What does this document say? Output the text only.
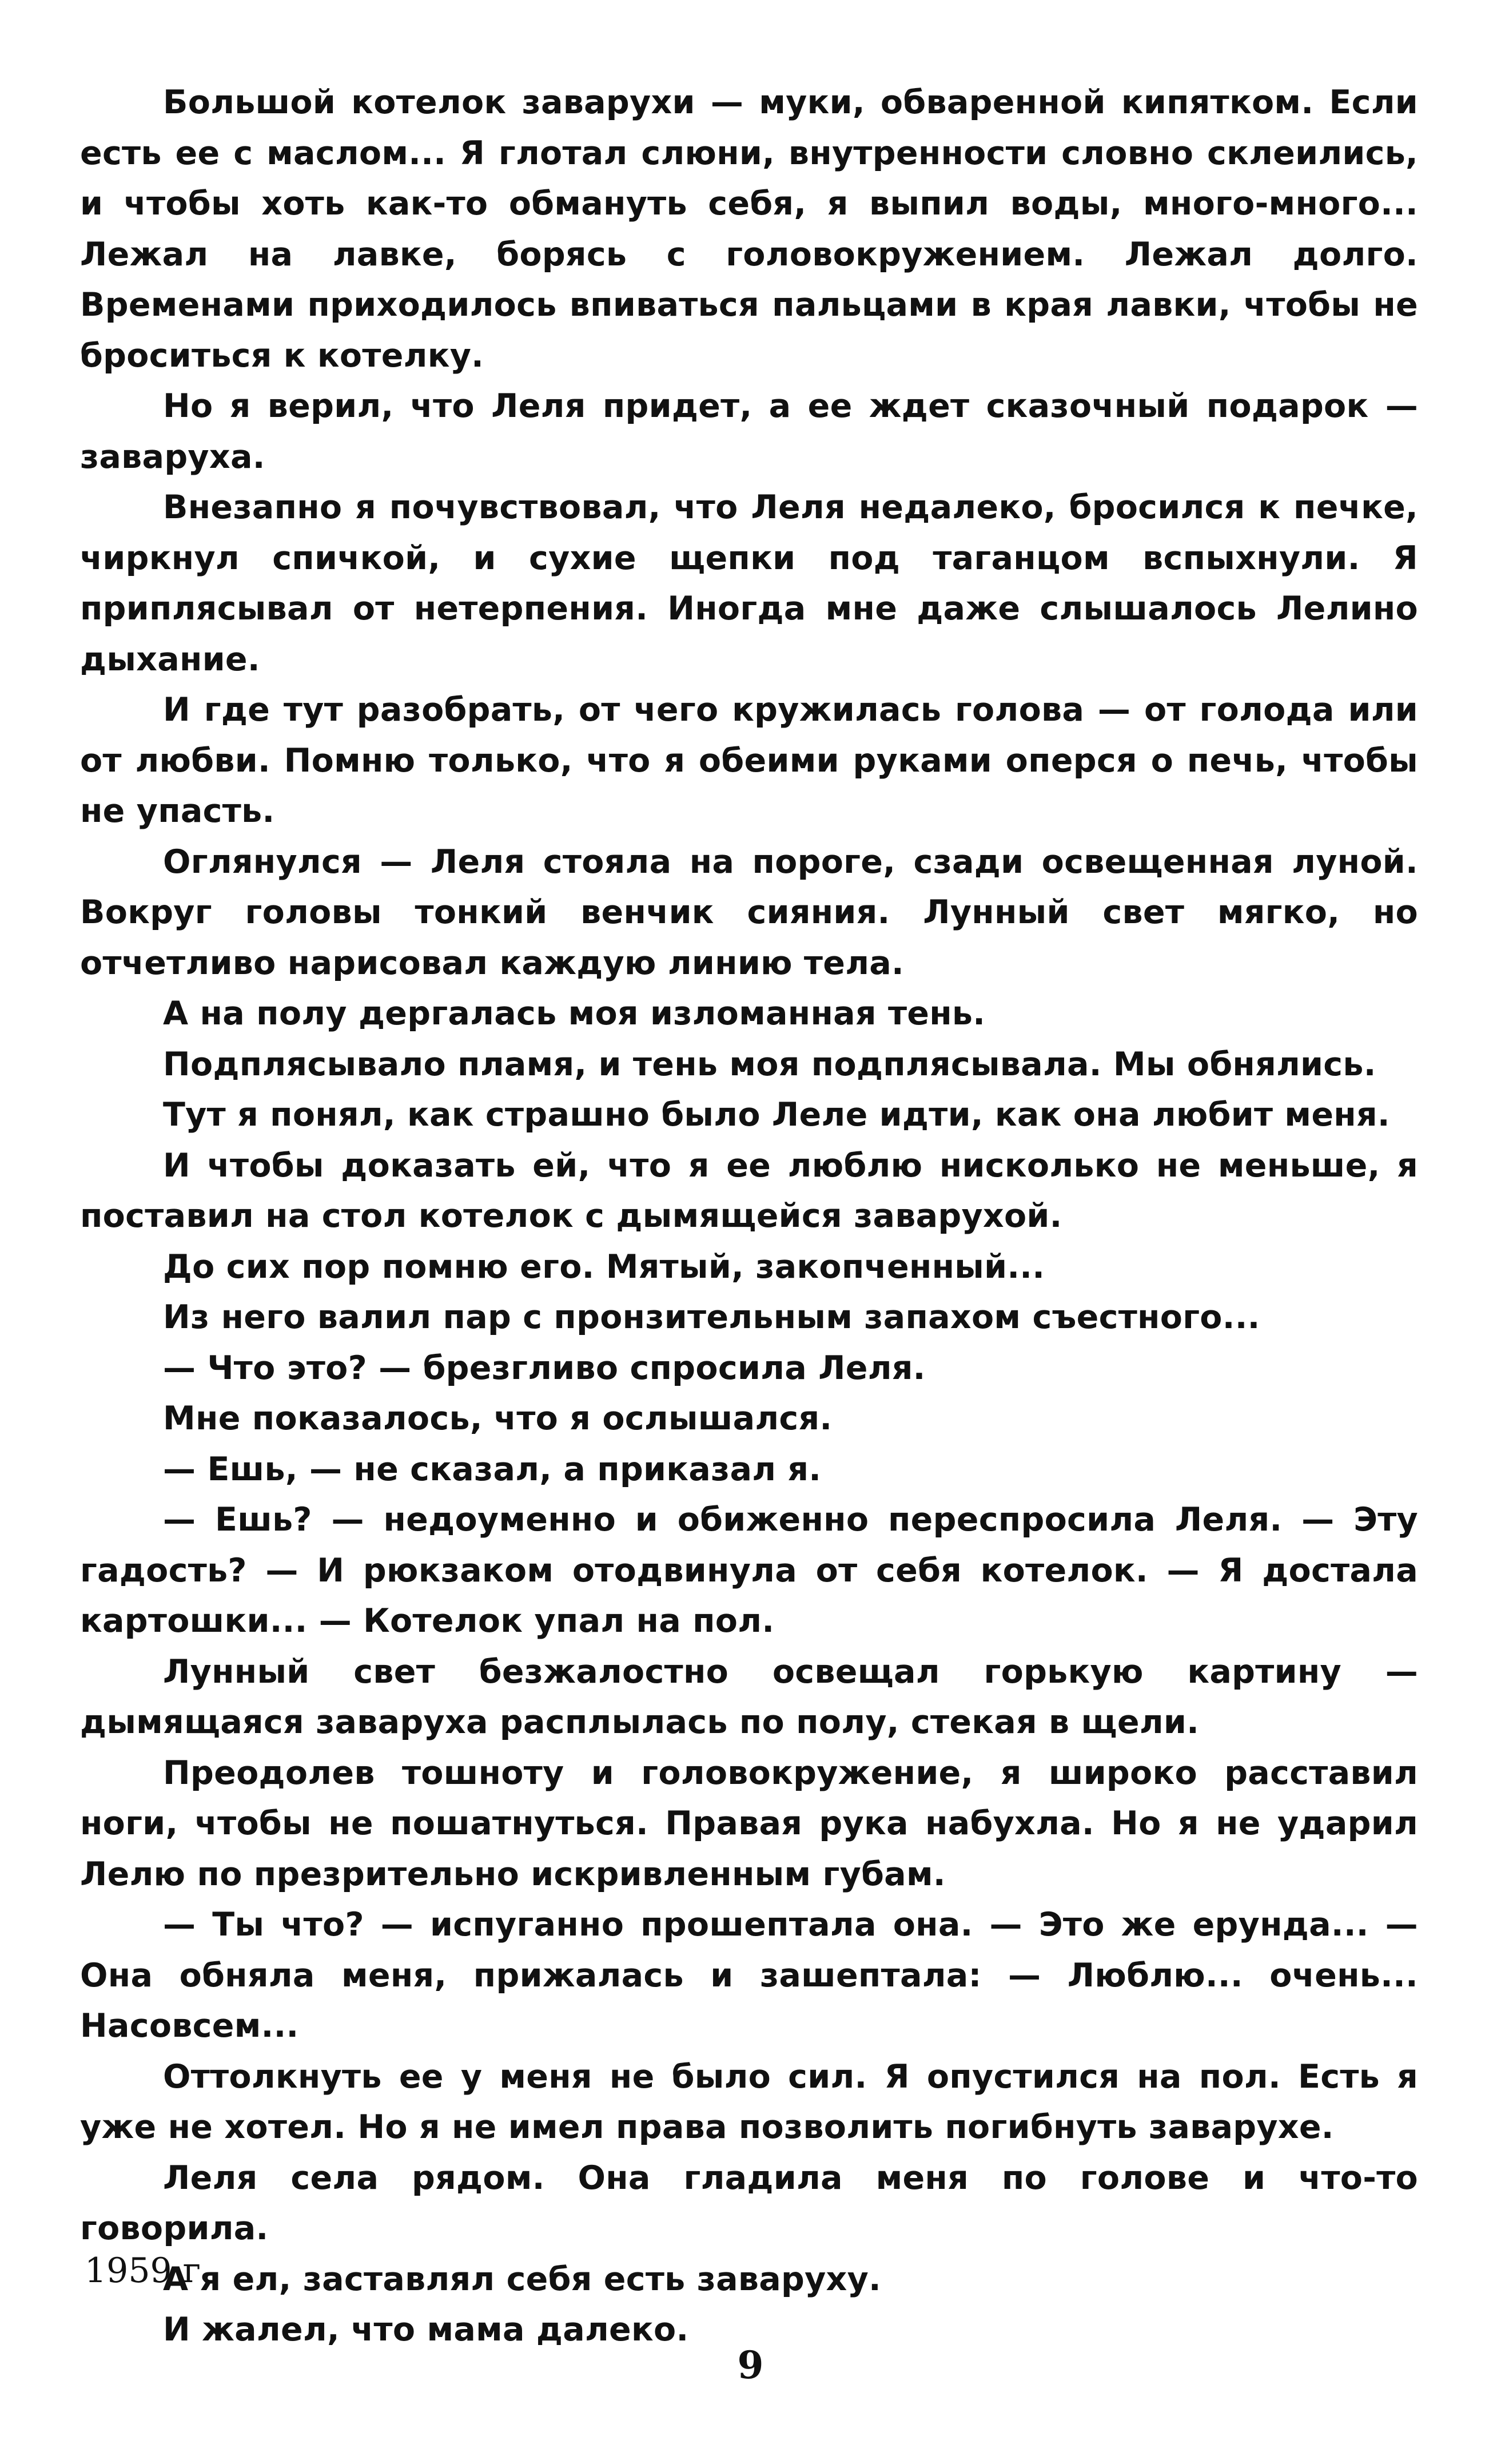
Большой котелок заварухи — муки, обваренной кипятком. Если есть ее с маслом... Я глотал слюни, внутренности словно склеились, и чтобы хоть как-то обмануть себя, я выпил воды, много-много... Лежал на лавке, борясь с головокружением. Лежал долго. Временами приходилось впиваться пальцами в края лавки, чтобы не броситься к котелку.

Но я верил, что Леля придет, а ее ждет сказочный подарок — заваруха.

Внезапно я почувствовал, что Леля недалеко, бросился к печке, чиркнул спичкой, и сухие щепки под таганцом вспыхнули. Я приплясывал от нетерпения. Иногда мне даже слышалось Лелино дыхание.

И где тут разобрать, от чего кружилась голова — от голода или от любви. Помню только, что я обеими руками оперся о печь, чтобы не упасть.

Оглянулся — Леля стояла на пороге, сзади освещенная луной. Вокруг головы тонкий венчик сияния. Лунный свет мягко, но отчетливо нарисовал каждую линию тела.

А на полу дергалась моя изломанная тень.

Подплясывало пламя, и тень моя подплясывала. Мы обнялись.

Тут я понял, как страшно было Леле идти, как она любит меня.

И чтобы доказать ей, что я ее люблю нисколько не меньше, я поставил на стол котелок с дымящейся заварухой.

До сих пор помню его. Мятый, закопченный...

Из него валил пар с пронзительным запахом съестного...

— Что это? — брезгливо спросила Леля.

Мне показалось, что я ослышался.

— Ешь, — не сказал, а приказал я.

— Ешь? — недоуменно и обиженно переспросила Леля. — Эту гадость? — И рюкзаком отодвинула от себя котелок. — Я достала картошки... — Котелок упал на пол.

Лунный свет безжалостно освещал горькую картину — дымящаяся заваруха расплылась по полу, стекая в щели.

Преодолев тошноту и головокружение, я широко расставил ноги, чтобы не пошатнуться. Правая рука набухла. Но я не ударил Лелю по презрительно искривленным губам.

— Ты что? — испуганно прошептала она. — Это же ерунда... — Она обняла меня, прижалась и зашептала: — Люблю... очень... Насовсем...

Оттолкнуть ее у меня не было сил. Я опустился на пол. Есть я уже не хотел. Но я не имел права позволить погибнуть заварухе.

Леля села рядом. Она гладила меня по голове и что-то говорила.

А я ел, заставлял себя есть заваруху.

И жалел, что мама далеко.

1959 г.
9
